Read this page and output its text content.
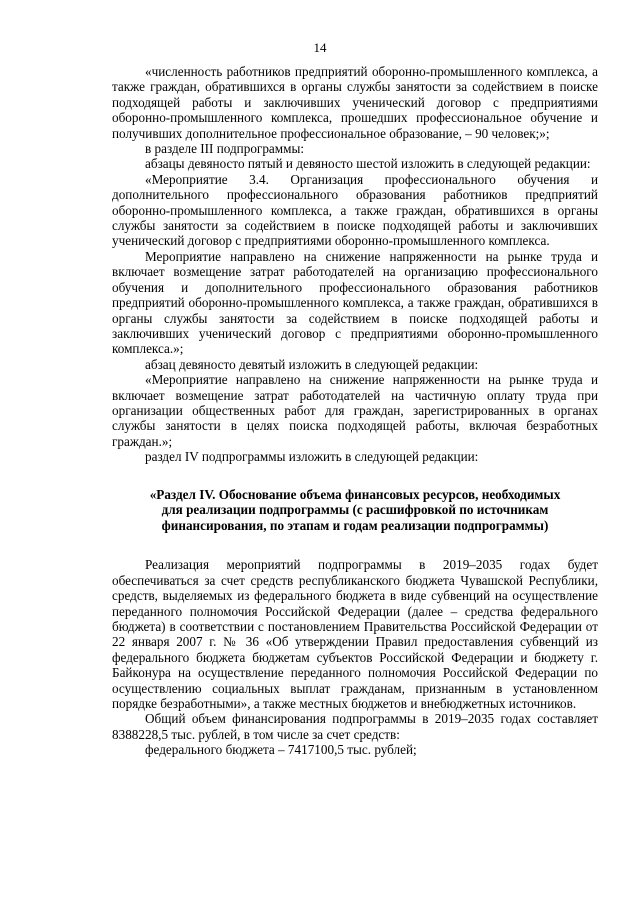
14

«численность работников предприятий оборонно-промышленного комплекса, а также граждан, обратившихся в органы службы занятости за содействием в поиске подходящей работы и заключивших ученический договор с предприятиями оборонно-промышленного комплекса, прошедших профессиональное обучение и получивших дополнительное профессиональное образование, – 90 человек;»;

в разделе III подпрограммы:

абзацы девяносто пятый и девяносто шестой изложить в следующей редакции:

«Мероприятие 3.4. Организация профессионального обучения и дополнительного профессионального образования работников предприятий оборонно-промышленного комплекса, а также граждан, обратившихся в органы службы занятости за содействием в поиске подходящей работы и заключивших ученический договор с предприятиями оборонно-промышленного комплекса.

Мероприятие направлено на снижение напряженности на рынке труда и включает возмещение затрат работодателей на организацию профессионального обучения и дополнительного профессионального образования работников предприятий оборонно-промышленного комплекса, а также граждан, обратившихся в органы службы занятости за содействием в поиске подходящей работы и заключивших ученический договор с предприятиями оборонно-промышленного комплекса.»;

абзац девяносто девятый изложить в следующей редакции:

«Мероприятие направлено на снижение напряженности на рынке труда и включает возмещение затрат работодателей на частичную оплату труда при организации общественных работ для граждан, зарегистрированных в органах службы занятости в целях поиска подходящей работы, включая безработных граждан.»;

раздел IV подпрограммы изложить в следующей редакции:

«Раздел IV. Обоснование объема финансовых ресурсов, необходимых
для реализации подпрограммы (с расшифровкой по источникам
финансирования, по этапам и годам реализации подпрограммы)

Реализация мероприятий подпрограммы в 2019–2035 годах будет обеспечиваться за счет средств республиканского бюджета Чувашской Республики, средств, выделяемых из федерального бюджета в виде субвенций на осуществление переданного полномочия Российской Федерации (далее – средства федерального бюджета) в соответствии с постановлением Правительства Российской Федерации от 22 января 2007 г. № 36 «Об утверждении Правил предоставления субвенций из федерального бюджета бюджетам субъектов Российской Федерации и бюджету г. Байконура на осуществление переданного полномочия Российской Федерации по осуществлению социальных выплат гражданам, признанным в установленном порядке безработными», а также местных бюджетов и внебюджетных источников.

Общий объем финансирования подпрограммы в 2019–2035 годах составляет 8388228,5 тыс. рублей, в том числе за счет средств:

федерального бюджета – 7417100,5 тыс. рублей;
